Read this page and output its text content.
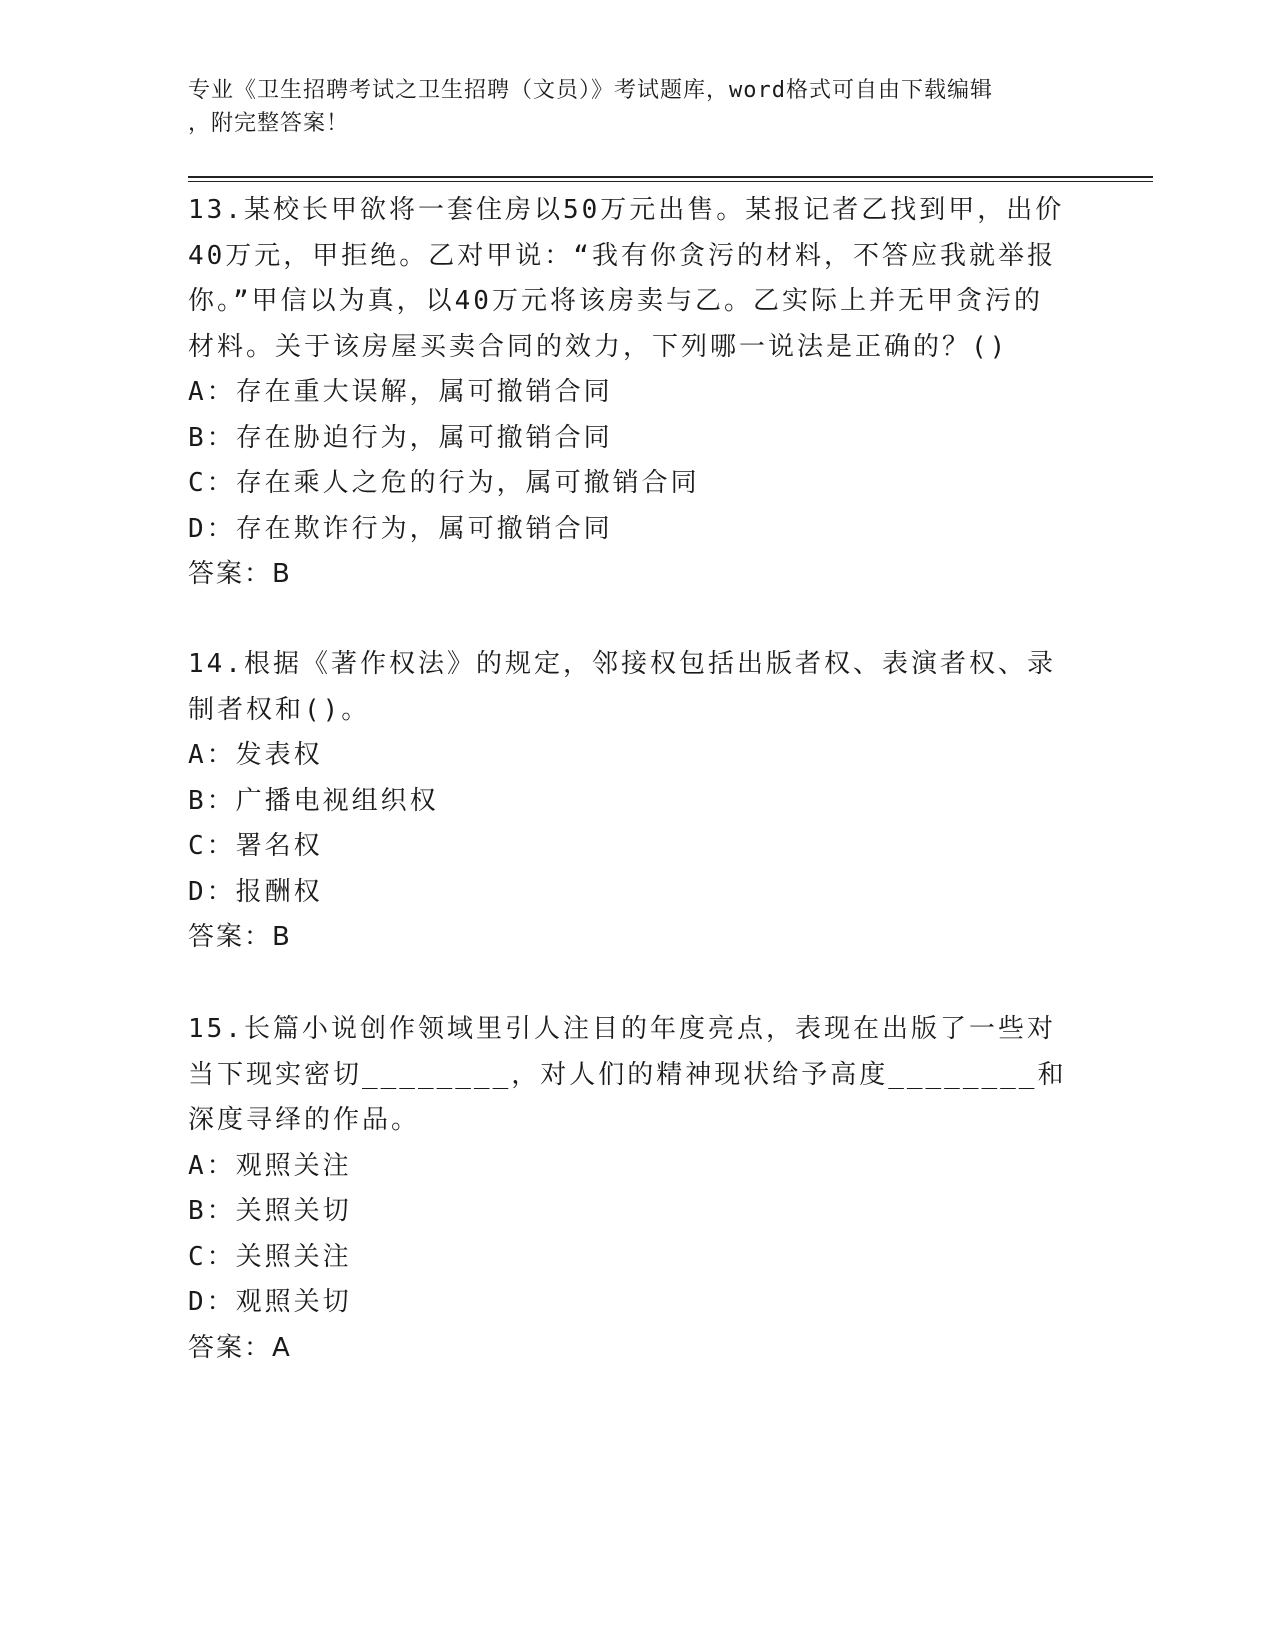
专业《卫生招聘考试之卫生招聘（文员）》考试题库，word格式可自由下载编辑
，附完整答案！

13.某校长甲欲将一套住房以50万元出售。某报记者乙找到甲，出价40万元，甲拒绝。乙对甲说：“我有你贪污的材料，不答应我就举报你。”甲信以为真，以40万元将该房卖与乙。乙实际上并无甲贪污的材料。关于该房屋买卖合同的效力，下列哪一说法是正确的？()

A：存在重大误解，属可撤销合同

B：存在胁迫行为，属可撤销合同

C：存在乘人之危的行为，属可撤销合同

D：存在欺诈行为，属可撤销合同

答案：B

14.根据《著作权法》的规定，邻接权包括出版者权、表演者权、录制者权和()。

A：发表权

B：广播电视组织权

C：署名权

D：报酬权

答案：B

15.长篇小说创作领域里引人注目的年度亮点，表现在出版了一些对当下现实密切________，对人们的精神现状给予高度________和深度寻绎的作品。

A：观照关注

B：关照关切

C：关照关注

D：观照关切

答案：A
